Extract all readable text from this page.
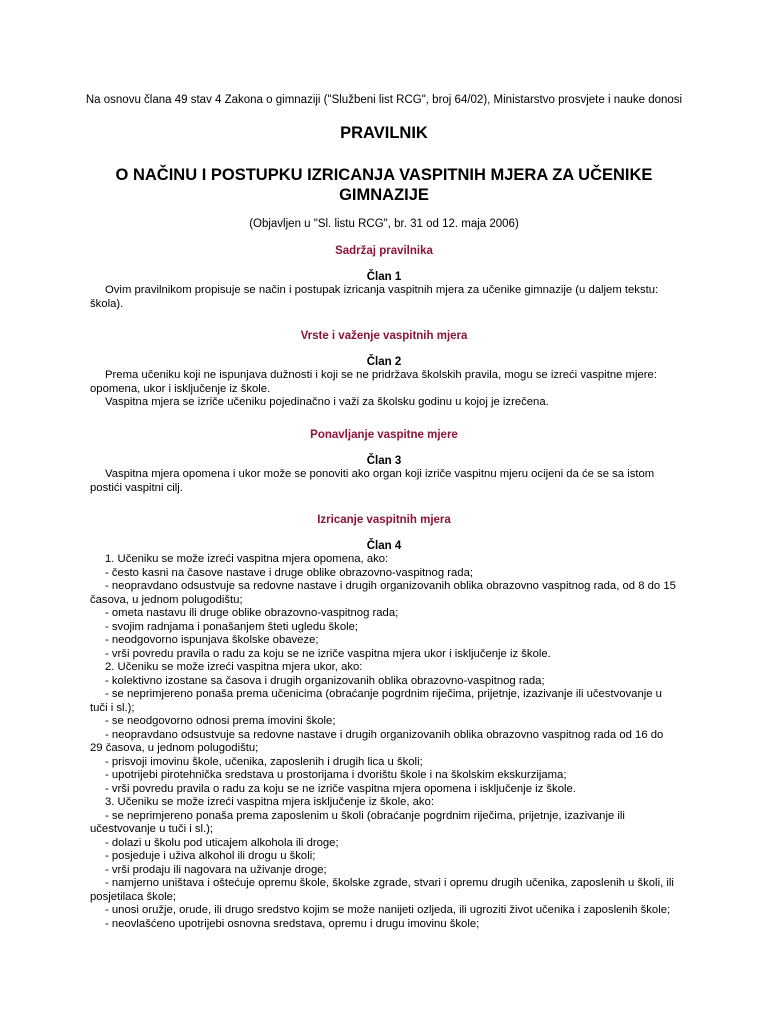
Na osnovu člana 49 stav 4 Zakona o gimnaziji ("Službeni list RCG", broj 64/02), Ministarstvo prosvjete i nauke donosi
PRAVILNIK
O NAČINU I POSTUPKU IZRICANJA VASPITNIH MJERA ZA UČENIKE GIMNAZIJE
(Objavljen u "Sl. listu RCG", br. 31 od 12. maja 2006)
Sadržaj pravilnika
Član 1
Ovim pravilnikom propisuje se način i postupak izricanja vaspitnih mjera za učenike gimnazije (u daljem tekstu:
škola).
Vrste i važenje vaspitnih mjera
Član 2
Prema učeniku koji ne ispunjava dužnosti i koji se ne pridržava školskih pravila, mogu se izreći vaspitne mjere:
opomena, ukor i isključenje iz škole.
Vaspitna mjera se izriče učeniku pojedinačno i važi za školsku godinu u kojoj je izrečena.
Ponavljanje vaspitne mjere
Član 3
Vaspitna mjera opomena i ukor može se ponoviti ako organ koji izriče vaspitnu mjeru ocijeni da će se sa istom
postići vaspitni cilj.
Izricanje vaspitnih mjera
Član 4
1. Učeniku se može izreći vaspitna mjera opomena, ako:
- često kasni na časove nastave i druge oblike obrazovno-vaspitnog rada;
- neopravdano odsustvuje sa redovne nastave i drugih organizovanih oblika obrazovno vaspitnog rada, od 8 do 15
časova, u jednom polugodištu;
- ometa nastavu ili druge oblike obrazovno-vaspitnog rada;
- svojim radnjama i ponašanjem šteti ugledu škole;
- neodgovorno ispunjava školske obaveze;
- vrši povredu pravila o radu za koju se ne izriče vaspitna mjera ukor i isključenje iz škole.
2. Učeniku se može izreći vaspitna mjera ukor, ako:
- kolektivno izostane sa časova i drugih organizovanih oblika obrazovno-vaspitnog rada;
- se neprimjereno ponaša prema učenicima (obraćanje pogrdnim riječima, prijetnje, izazivanje ili učestvovanje u
tuči i sl.);
- se neodgovorno odnosi prema imovini škole;
- neopravdano odsustvuje sa redovne nastave i drugih organizovanih oblika obrazovno vaspitnog rada od 16 do
29 časova, u jednom polugodištu;
- prisvoji imovinu škole, učenika, zaposlenih i drugih lica u školi;
- upotrijebi pirotehnička sredstava u prostorijama i dvorištu škole i na školskim ekskurzijama;
- vrši povredu pravila o radu za koju se ne izriče vaspitna mjera opomena i isključenje iz škole.
3. Učeniku se može izreći vaspitna mjera isključenje iz škole, ako:
- se neprimjereno ponaša prema zaposlenim u školi (obraćanje pogrdnim riječima, prijetnje, izazivanje ili
učestvovanje u tuči i sl.);
- dolazi u školu pod uticajem alkohola ili droge;
- posjeduje i uživa alkohol ili drogu u školi;
- vrši prodaju ili nagovara na uživanje droge;
- namjerno uništava i oštećuje opremu škole, školske zgrade, stvari i opremu drugih učenika, zaposlenih u školi, ili
posjetilaca škole;
- unosi oružje, orude, ili drugo sredstvo kojim se može nanijeti ozljeda, ili ugroziti život učenika i zaposlenih škole;
- neovlašćeno upotrijebi osnovna sredstava, opremu i drugu imovinu škole;
